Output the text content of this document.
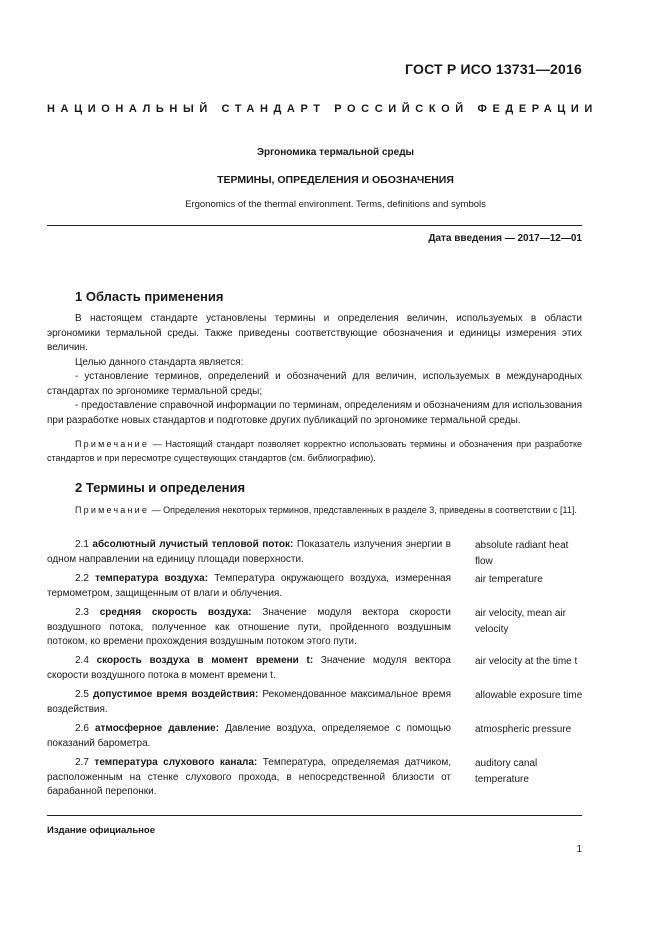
ГОСТ Р ИСО 13731—2016
НАЦИОНАЛЬНЫЙ СТАНДАРТ РОССИЙСКОЙ ФЕДЕРАЦИИ
Эргономика термальной среды
ТЕРМИНЫ, ОПРЕДЕЛЕНИЯ И ОБОЗНАЧЕНИЯ
Ergonomics of the thermal environment. Terms, definitions and symbols
Дата введения — 2017—12—01
1 Область применения

В настоящем стандарте установлены термины и определения величин, используемых в области эргономики термальной среды. Также приведены соответствующие обозначения и единицы измерения этих величин.

Целью данного стандарта является:

- установление терминов, определений и обозначений для величин, используемых в международных стандартах по эргономике термальной среды;

- предоставление справочной информации по терминам, определениям и обозначениям для использования при разработке новых стандартов и подготовке других публикаций по эргономике термальной среды.

Примечание — Настоящий стандарт позволяет корректно использовать термины и обозначения при разработке стандартов и при пересмотре существующих стандартов (см. библиографию).
2 Термины и определения
Примечание — Определения некоторых терминов, представленных в разделе 3, приведены в соответствии с [11].
2.1 абсолютный лучистый тепловой поток: Показатель излучения энергии в одном направлении на единицу площади поверхности.
absolute radiant heat flow
2.2 температура воздуха: Температура окружающего воздуха, измеренная термометром, защищенным от влаги и облучения.
air temperature
2.3 средняя скорость воздуха: Значение модуля вектора скорости воздушного потока, полученное как отношение пути, пройденного воздушным потоком, ко времени прохождения воздушным потоком этого пути.
air velocity, mean air velocity
2.4 скорость воздуха в момент времени t: Значение модуля вектора скорости воздушного потока в момент времени t.
air velocity at the time t
2.5 допустимое время воздействия: Рекомендованное максимальное время воздействия.
allowable exposure time
2.6 атмосферное давление: Давление воздуха, определяемое с помощью показаний барометра.
atmospheric pressure
2.7 температура слухового канала: Температура, определяемая датчиком, расположенным на стенке слухового прохода, в непосредственной близости от барабанной перепонки.
auditory canal temperature
Издание официальное
1
